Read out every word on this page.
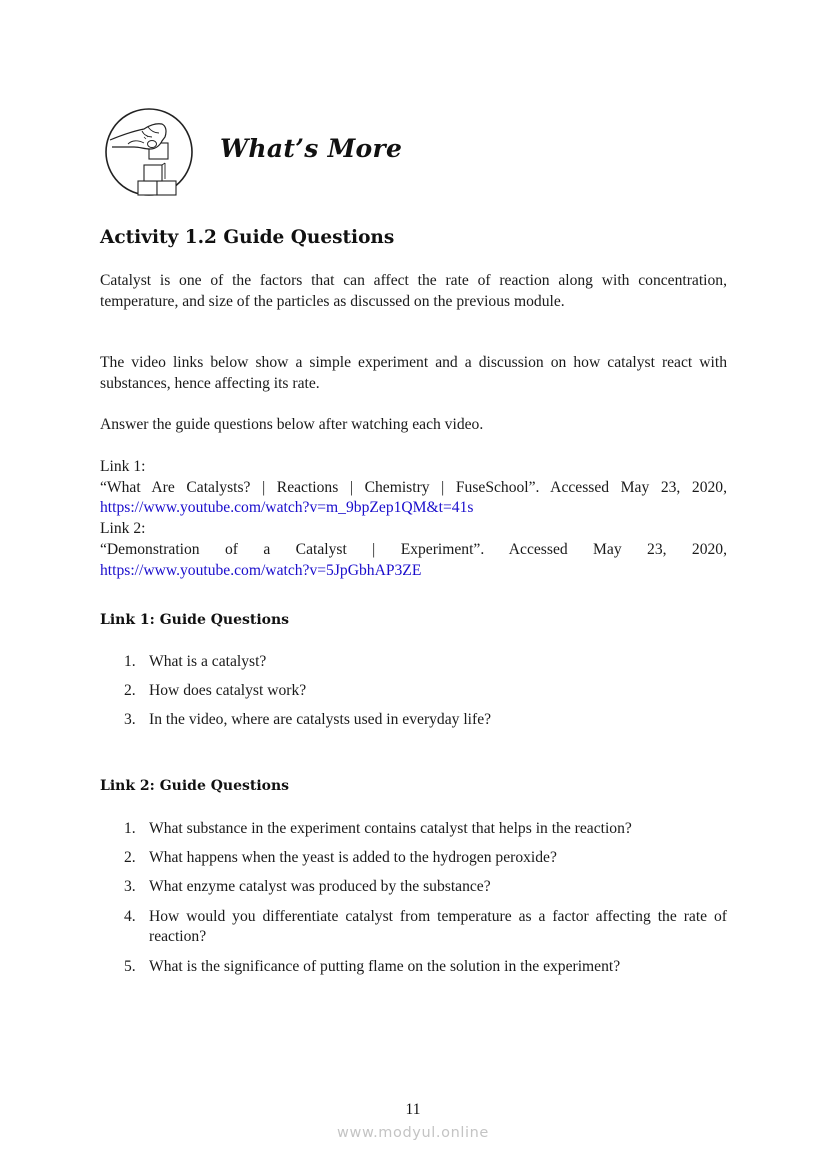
What’s More
Activity 1.2 Guide Questions

Catalyst is one of the factors that can affect the rate of reaction along with concentration, temperature, and size of the particles as discussed on the previous module.

The video links below show a simple experiment and a discussion on how catalyst react with substances, hence affecting its rate.

Answer the guide questions below after watching each video.

Link 1:
“What Are Catalysts? | Reactions | Chemistry | FuseSchool”. Accessed May 23, 2020, https://www.youtube.com/watch?v=m_9bpZep1QM&t=41s
Link 2:
“Demonstration of a Catalyst | Experiment”. Accessed May 23, 2020, https://www.youtube.com/watch?v=5JpGbhAP3ZE
Link 1: Guide Questions
1. What is a catalyst?
2. How does catalyst work?
3. In the video, where are catalysts used in everyday life?
Link 2: Guide Questions
1. What substance in the experiment contains catalyst that helps in the reaction?
2. What happens when the yeast is added to the hydrogen peroxide?
3. What enzyme catalyst was produced by the substance?
4. How would you differentiate catalyst from temperature as a factor affecting the rate of reaction?
5. What is the significance of putting flame on the solution in the experiment?
11
www.modyul.online
